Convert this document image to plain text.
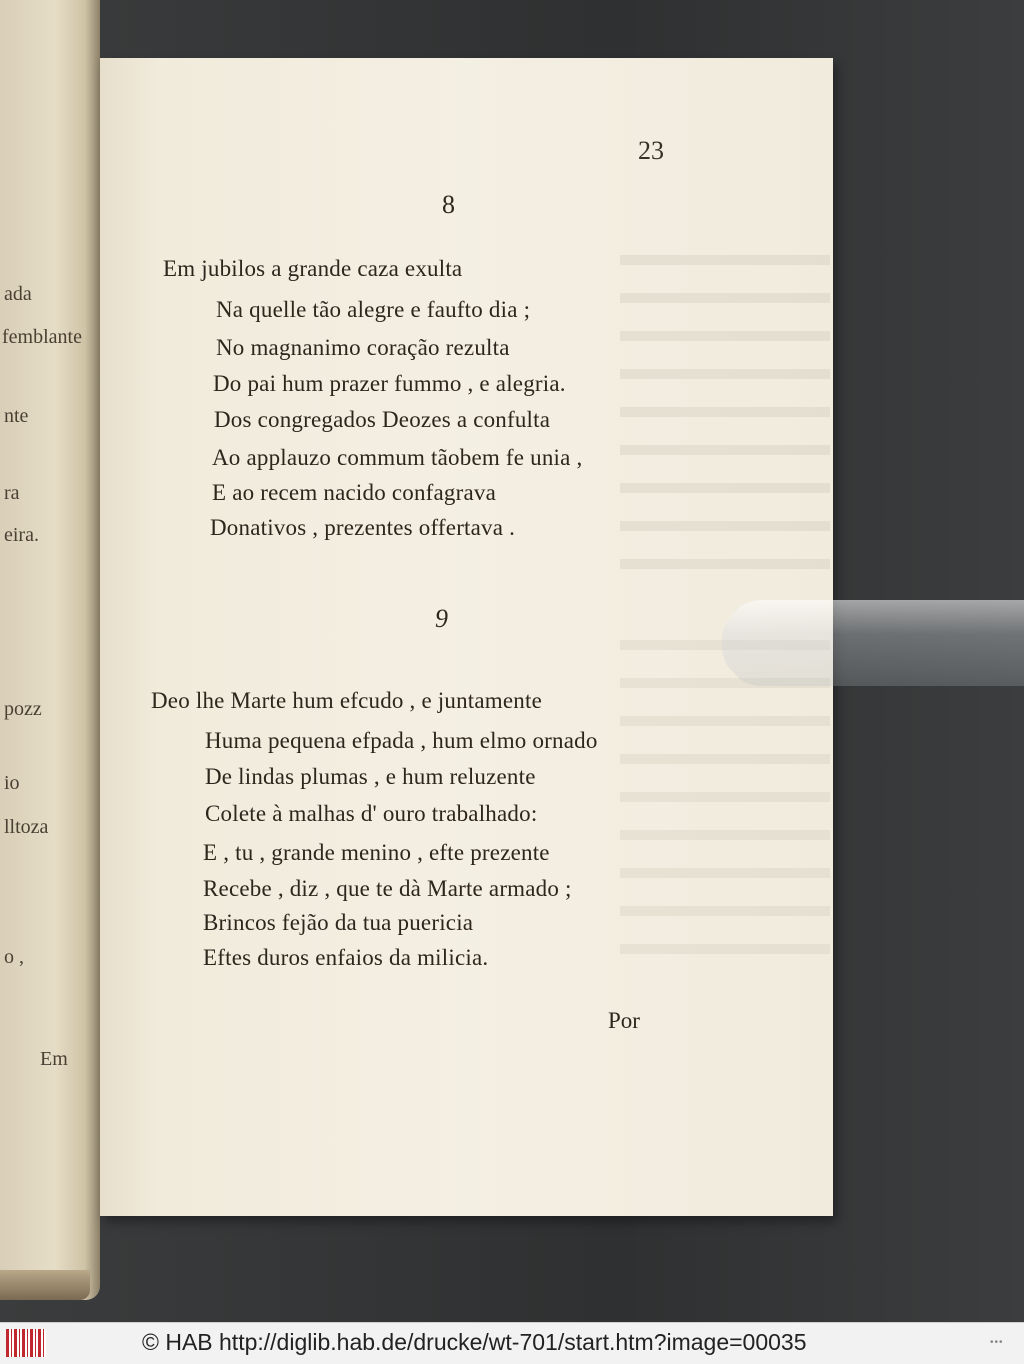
ada
femblante
nte
ra
eira.
pozz
io
lltoza
o ,
Em
23
8
Em jubilos a grande caza exulta
Na quelle tão alegre e faufto dia ;
No magnanimo coração rezulta
Do pai hum prazer fummo , e alegria.
Dos congregados Deozes a confulta
Ao applauzo commum tãobem fe unia ,
E ao recem nacido confagrava
Donativos , prezentes offertava .
9
Deo lhe Marte hum efcudo , e juntamente
Huma pequena efpada , hum elmo ornado
De lindas plumas , e hum reluzente
Colete à malhas d' ouro trabalhado:
E , tu , grande menino , efte prezente
Recebe , diz , que te dà Marte armado ;
Brincos fejão da tua puericia
Eftes duros enfaios da milicia.
Por
© HAB http://diglib.hab.de/drucke/wt-701/start.htm?image=00035	•••
